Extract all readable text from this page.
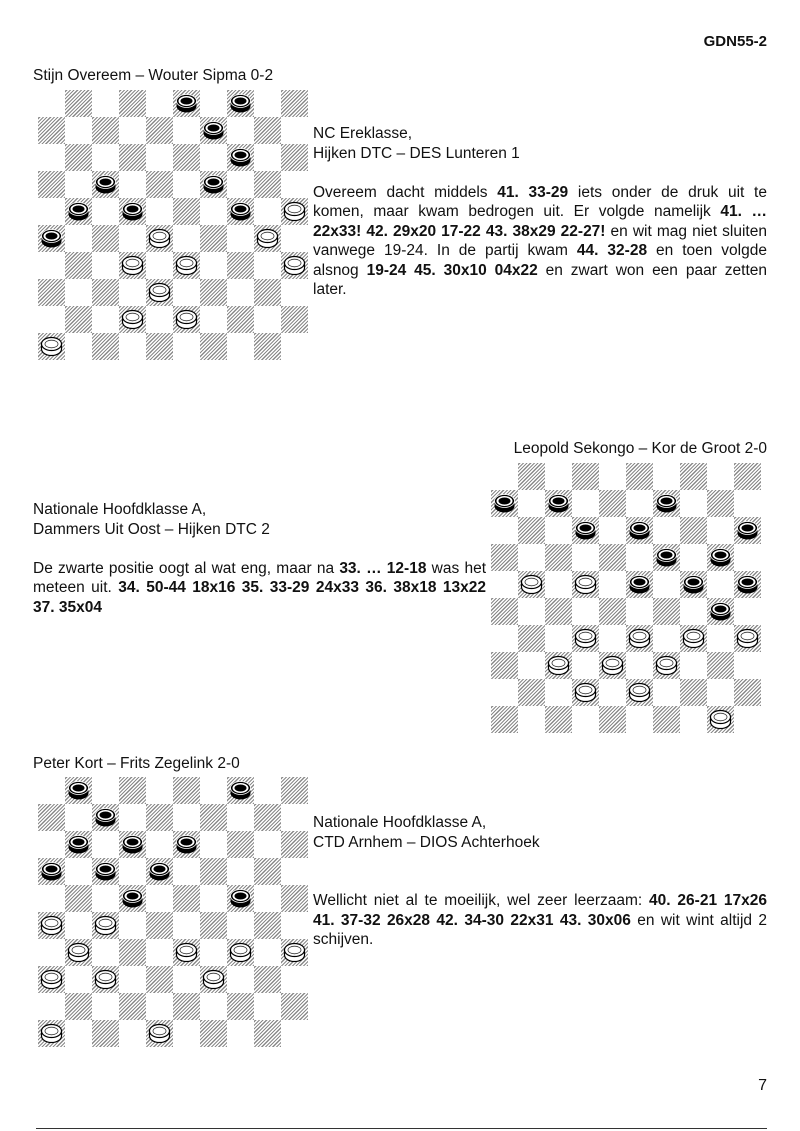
GDN55-2
Stijn Overeem – Wouter Sipma 0-2

NC Ereklasse,

Hijken DTC – DES Lunteren 1

Overeem dacht middels 41. 33-29 iets onder de druk uit te komen, maar kwam bedrogen uit. Er volgde namelijk 41. … 22x33! 42. 29x20 17-22 43. 38x29 22-27! en wit mag niet sluiten vanwege 19-24. In de partij kwam 44. 32-28 en toen volgde alsnog 19-24 45. 30x10 04x22 en zwart won een paar zetten later.

Leopold Sekongo – Kor de Groot 2-0

Nationale Hoofdklasse A,

Dammers Uit Oost – Hijken DTC 2

De zwarte positie oogt al wat eng, maar na 33. … 12-18 was het meteen uit. 34. 50-44 18x16 35. 33-29 24x33 36. 38x18 13x22 37. 35x04

Peter Kort – Frits Zegelink 2-0

Nationale Hoofdklasse A,

CTD Arnhem – DIOS Achterhoek

Wellicht niet al te moeilijk, wel zeer leerzaam: 40. 26-21 17x26 41. 37-32 26x28 42. 34-30 22x31 43. 30x06 en wit wint altijd 2 schijven.

7
